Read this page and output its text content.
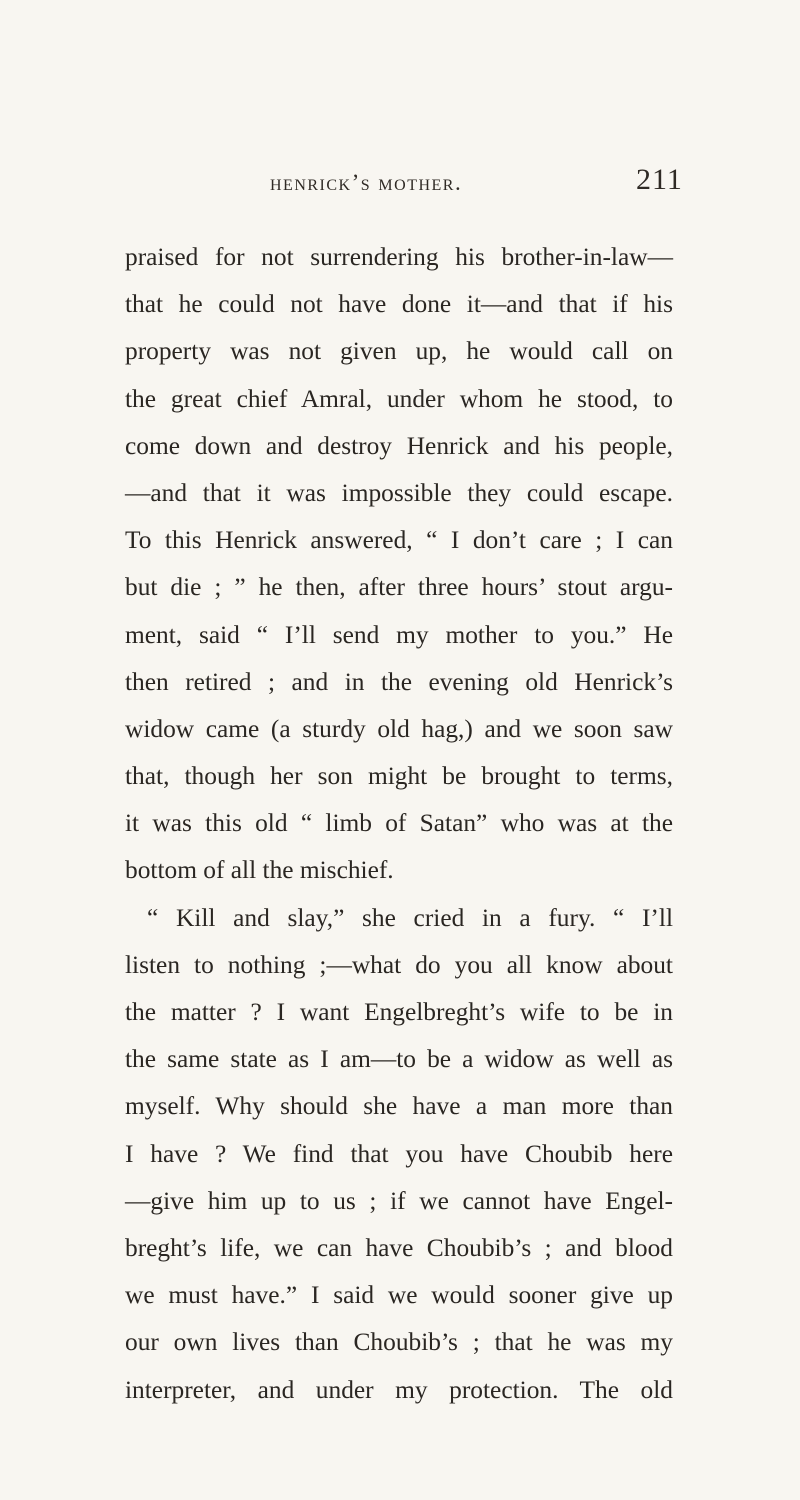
henrick’s mother.	211
praised for not surrendering his brother-in-law—
that he could not have done it—and that if his
property was not given up, he would call on
the great chief Amral, under whom he stood, to
come down and destroy Henrick and his people,
—and that it was impossible they could escape.
To this Henrick answered, “ I don’t care ; I can
but die ; ” he then, after three hours’ stout argu-
ment, said “ I’ll send my mother to you.” He
then retired ; and in the evening old Henrick’s
widow came (a sturdy old hag,) and we soon saw
that, though her son might be brought to terms,
it was this old “ limb of Satan” who was at the
bottom of all the mischief.
“ Kill and slay,” she cried in a fury. “ I’ll
listen to nothing ;—what do you all know about
the matter ? I want Engelbreght’s wife to be in
the same state as I am—to be a widow as well as
myself. Why should she have a man more than
I have ? We find that you have Choubib here
—give him up to us ; if we cannot have Engel-
breght’s life, we can have Choubib’s ; and blood
we must have.” I said we would sooner give up
our own lives than Choubib’s ; that he was my
interpreter, and under my protection. The old
